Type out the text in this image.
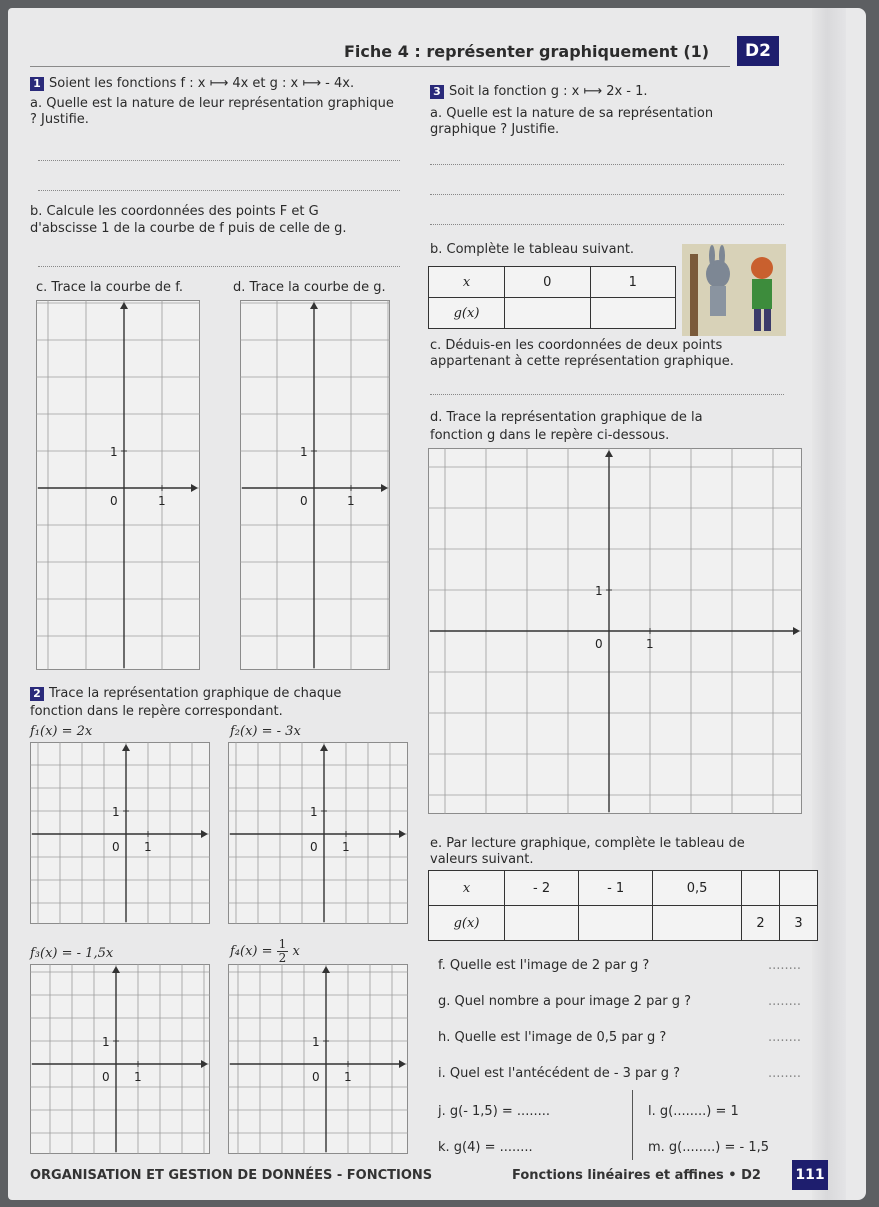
Fiche 4 : représenter graphiquement (1)	D2
1 Soient les fonctions f : x ⟼ 4x et g : x ⟼ - 4x.
a. Quelle est la nature de leur représentation graphique ? Justifie.
b. Calcule les coordonnées des points F et G
d'abscisse 1 de la courbe de f puis de celle de g.
c. Trace la courbe de f.	d. Trace la courbe de g.
0	1
1
0	1
1
2 Trace la représentation graphique de chaque
fonction dans le repère correspondant.
f₁(x) = 2x	f₂(x) = - 3x
0 1
1
0 1
1
f₃(x) = - 1,5x	$f_4(x) = \frac{1}{2}$ x
0 1
1
0 1
1
3 Soit la fonction g : x ⟼ 2x - 1.
a. Quelle est la nature de sa représentation
graphique ? Justifie.
b. Complète le tableau suivant.
x	0	1
g(x)		
c. Déduis-en les coordonnées de deux points
appartenant à cette représentation graphique.
d. Trace la représentation graphique de la
fonction g dans le repère ci-dessous.
0	1
1
e. Par lecture graphique, complète le tableau de
valeurs suivant.
x	- 2	- 1	0,5		
g(x)				2	3
f. Quelle est l'image de 2 par g ?	........
g. Quel nombre a pour image 2 par g ?	........
h. Quelle est l'image de 0,5 par g ?	........
i. Quel est l'antécédent de - 3 par g ?	........
j. g(- 1,5) = ........	l. g(........) = 1
k. g(4) = ........	m. g(........) = - 1,5
ORGANISATION ET GESTION DE DONNÉES - FONCTIONS	Fonctions linéaires et affines • D2 111
